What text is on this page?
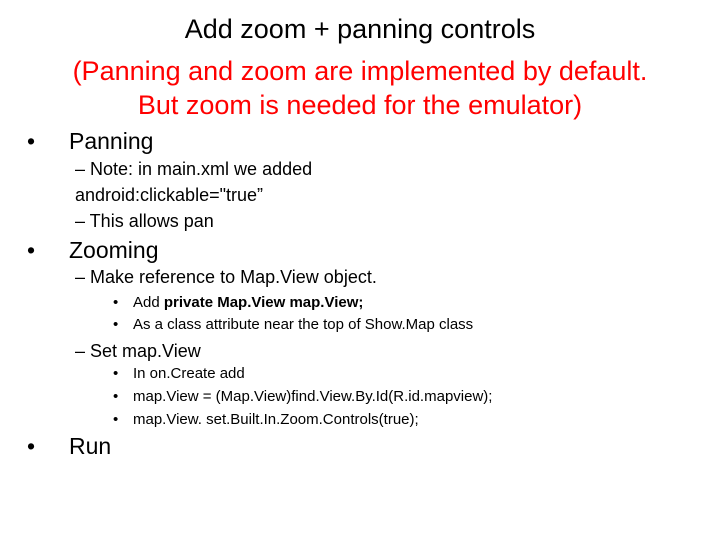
Add zoom + panning controls
(Panning and zoom are implemented by default.
But zoom is needed for the emulator)
• Panning
– Note: in main.xml we added
android:clickable="true”
– This allows pan
• Zooming
– Make reference to Map.View object.
• Add private Map.View map.View;
• As a class attribute near the top of Show.Map class
– Set map.View
• In on.Create add
• map.View = (Map.View)find.View.By.Id(R.id.mapview);
• map.View. set.Built.In.Zoom.Controls(true);
• Run
